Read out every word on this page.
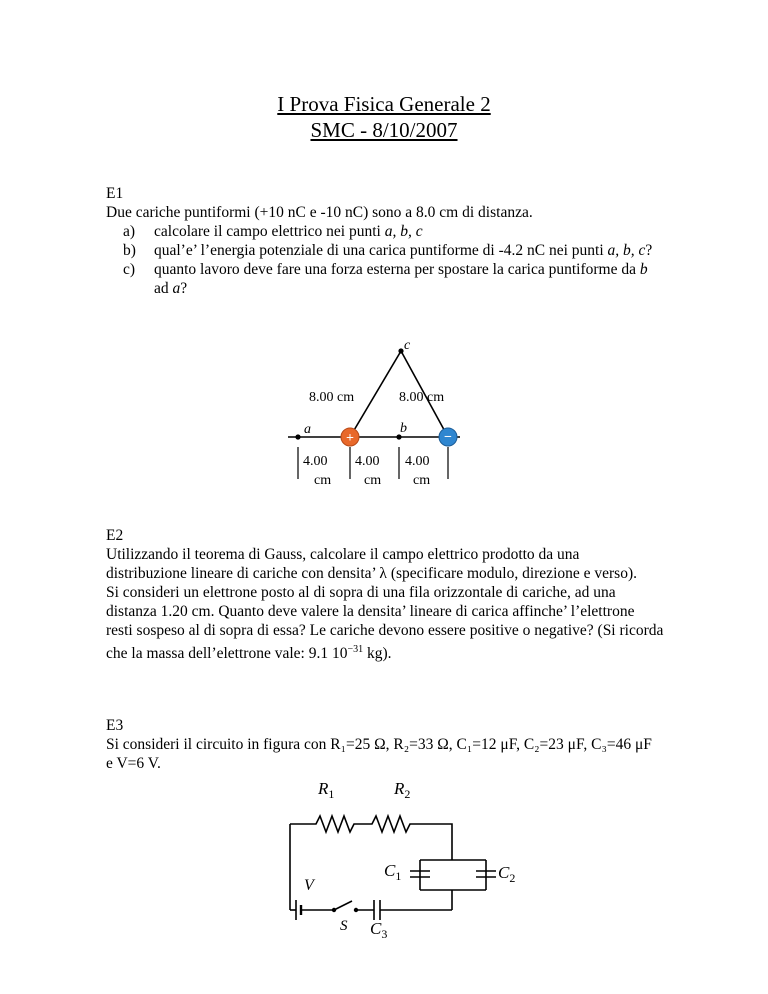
I Prova Fisica Generale 2
SMC - 8/10/2007
E1
Due cariche puntiformi (+10 nC e -10 nC) sono a 8.0 cm di distanza.
a) calcolare il campo elettrico nei punti a, b, c
b) qual’e’ l’energia potenziale di una carica puntiforme di -4.2 nC nei punti a, b, c?
c) quanto lavoro deve fare una forza esterna per spostare la carica puntiforme da b
ad a?
c
a	b
8.00 cm	8.00 cm
+	−
4.00 4.00 4.00
cm cm cm
E2
Utilizzando il teorema di Gauss, calcolare il campo elettrico prodotto da una
distribuzione lineare di cariche con densita’ λ (specificare modulo, direzione e verso).
Si consideri un elettrone posto al di sopra di una fila orizzontale di cariche, ad una
distanza 1.20 cm. Quanto deve valere la densita’ lineare di carica affinche’ l’elettrone
resti sospeso al di sopra di essa? Le cariche devono essere positive o negative? (Si ricorda
che la massa dell’elettrone vale: 9.1 $10^{-31}$ kg).
E3
Si consideri il circuito in figura con R₁=25 Ω, R₂=33 Ω, C₁=12 μF, C₂=23 μF, C₃=46 μF
e V=6 V.
$R_1$	$R_2$
$C_1$	$C_2$
$C_3$
V
S
